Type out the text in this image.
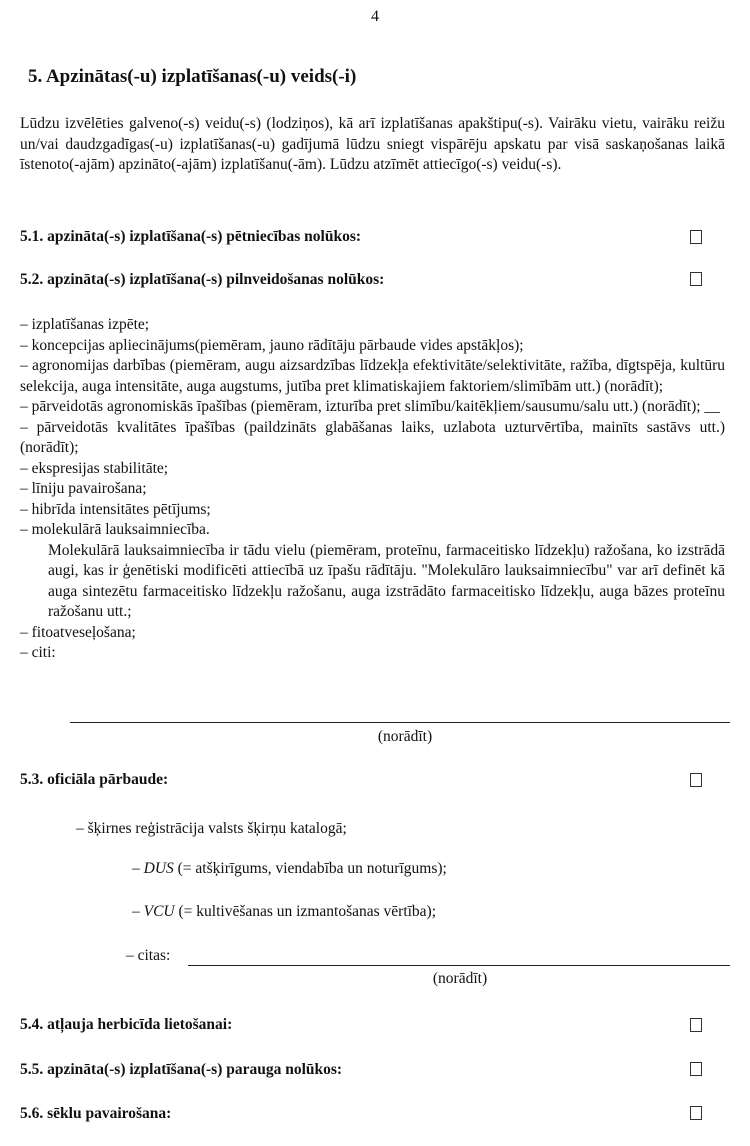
4
5. Apzinātas(-u) izplatīšanas(-u) veids(-i)
Lūdzu izvēlēties galveno(-s) veidu(-s) (lodziņos), kā arī izplatīšanas apakštipu(-s). Vairāku vietu, vairāku reižu un/vai daudzgadīgas(-u) izplatīšanas(-u) gadījumā lūdzu sniegt vispārēju apskatu par visā saskaņošanas laikā īstenoto(-ajām) apzināto(-ajām) izplatīšanu(-ām). Lūdzu atzīmēt attiecīgo(-s) veidu(-s).
5.1. apzināta(-s) izplatīšana(-s) pētniecības nolūkos:
5.2. apzināta(-s) izplatīšana(-s) pilnveidošanas nolūkos:
– izplatīšanas izpēte;
– koncepcijas apliecinājums(piemēram, jauno rādītāju pārbaude vides apstākļos);
– agronomijas darbības (piemēram, augu aizsardzības līdzekļa efektivitāte/selektivitāte, ražība, dīgtspēja, kultūru selekcija, auga intensitāte, auga augstums, jutība pret klimatiskajiem faktoriem/slimībām utt.) (norādīt);
– pārveidotās agronomiskās īpašības (piemēram, izturība pret slimību/kaitēkļiem/sausumu/salu utt.) (norādīt); __
– pārveidotās kvalitātes īpašības (paildzināts glabāšanas laiks, uzlabota uzturvērtība, mainīts sastāvs utt.) (norādīt);
– ekspresijas stabilitāte;
– līniju pavairošana;
– hibrīda intensitātes pētījums;
– molekulārā lauksaimniecība.
Molekulārā lauksaimniecība ir tādu vielu (piemēram, proteīnu, farmaceitisko līdzekļu) ražošana, ko izstrādā augi, kas ir ģenētiski modificēti attiecībā uz īpašu rādītāju. "Molekulāro lauksaimniecību" var arī definēt kā auga sintezētu farmaceitisko līdzekļu ražošanu, auga izstrādāto farmaceitisko līdzekļu, auga bāzes proteīnu ražošanu utt.;
– fitoatveseļošana;
– citi:
(norādīt)
5.3. oficiāla pārbaude:
– šķirnes reģistrācija valsts šķirņu katalogā;
– DUS (= atšķirīgums, viendabība un noturīgums);
– VCU (= kultivēšanas un izmantošanas vērtība);
– citas:
(norādīt)
5.4. atļauja herbicīda lietošanai:
5.5. apzināta(-s) izplatīšana(-s) parauga nolūkos:
5.6. sēklu pavairošana:
